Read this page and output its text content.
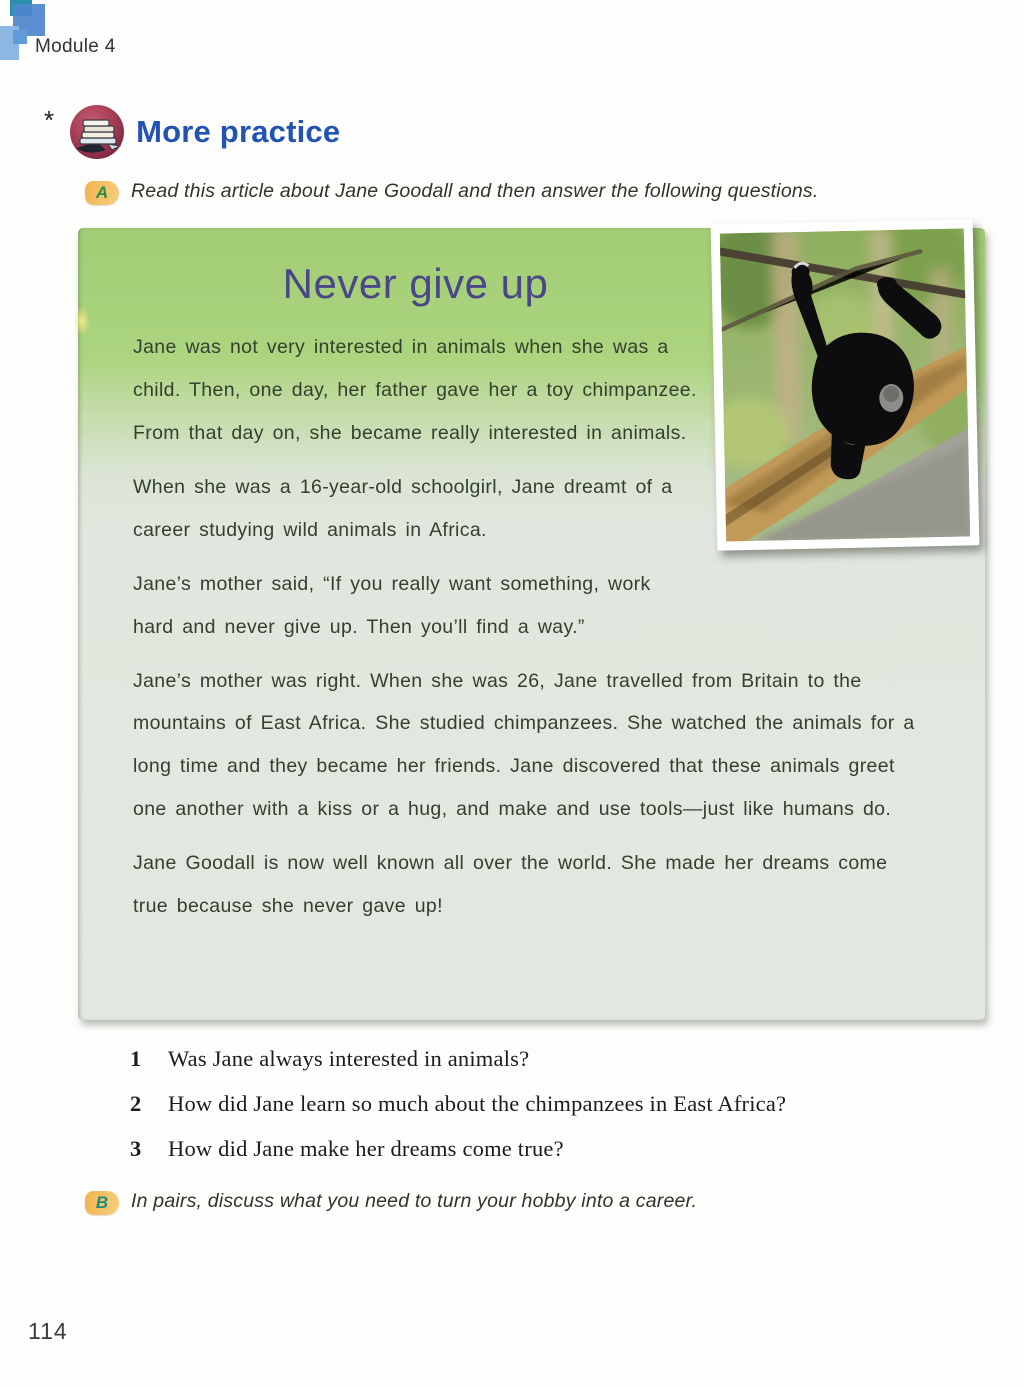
Module 4
*	More practice
A	Read this article about Jane Goodall and then answer the following questions.
Never give up

Jane was not very interested in animals when she was a child. Then, one day, her father gave her a toy chimpanzee. From that day on, she became really interested in animals.

When she was a 16-year-old schoolgirl, Jane dreamt of a career studying wild animals in Africa.

Jane’s mother said, “If you really want something, work hard and never give up. Then you’ll find a way.”

Jane’s mother was right. When she was 26, Jane travelled from Britain to the mountains of East Africa. She studied chimpanzees. She watched the animals for a long time and they became her friends. Jane discovered that these animals greet one another with a kiss or a hug, and make and use tools—just like humans do.

Jane Goodall is now well known all over the world. She made her dreams come true because she never gave up!

1	Was Jane always interested in animals?
2	How did Jane learn so much about the chimpanzees in East Africa?
3	How did Jane make her dreams come true?
B	In pairs, discuss what you need to turn your hobby into a career.
114
